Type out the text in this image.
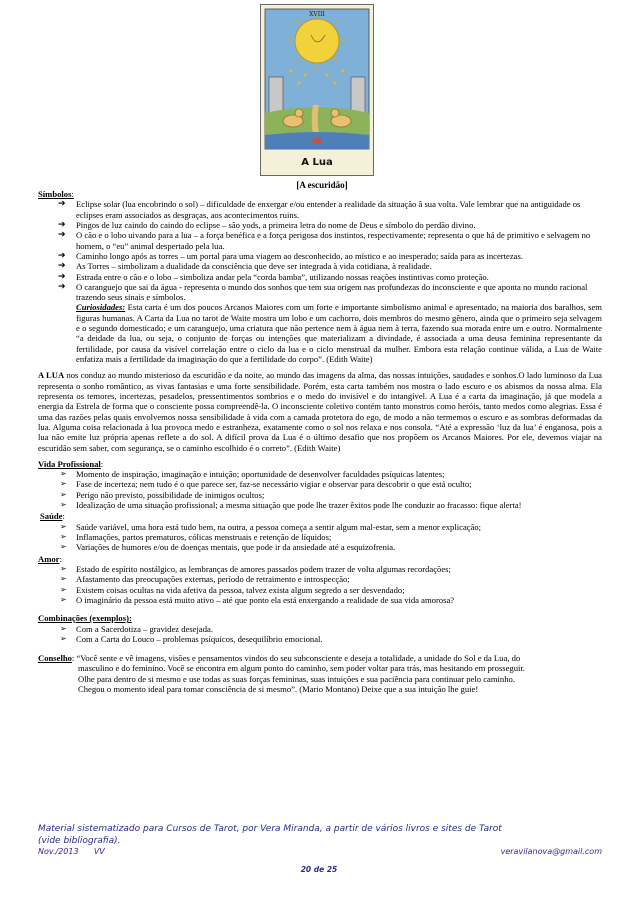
XVIII
A Lua
[A escuridão]
Símbolos:
➔ Eclipse solar (lua encobrindo o sol) – dificuldade de enxergar e/ou entender a realidade da situação â sua volta. Vale lembrar que na antiguidade os eclipses eram associados as desgraças, aos acontecimentos ruins.
➔ Pingos de luz caindo do caindo do eclipse – são yods, a primeira letra do nome de Deus e símbolo do perdão divino.
➔ O cão e o lobo uivando para a lua – a força benéfica e a força perigosa dos instintos, respectivamente; representa o que há de primitivo e selvagem no homem, o “eu” animal despertado pela lua.
➔ Caminho longo após as torres – um portal para uma viagem ao desconhecido, ao místico e ao inesperado; saída para as incertezas.
➔ As Torres – simbolizam a dualidade da consciência que deve ser integrada à vida cotidiana, à realidade.
➔ Estrada entre o cão e o lobo – simboliza andar pela “corda bamba”, utilizando nossas reações instintivas como proteção.
➔ O caranguejo que sai da água - representa o mundo dos sonhos que tem sua origem nas profundezas do inconsciente e que aponta no mundo racional trazendo seus sinais e símbolos.
Curiosidades: Esta carta é um dos poucos Arcanos Maiores com um forte e importante simbolismo animal e apresentado, na maioria dos baralhos, sem figuras humanas. A Carta da Lua no tarot de Waite mostra um lobo e um cachorro, dois membros do mesmo gênero, ainda que o primeiro seja selvagem e o segundo domesticado; e um caranguejo, uma criatura que não pertence nem à água nem à terra, fazendo sua morada entre um e outro. Normalmente “a deidade da lua, ou seja, o conjunto de forças ou intenções que materializam a divindade, é associada a uma deusa feminina representante da fertilidade, por causa da visível correlação entre o ciclo da lua e o ciclo menstrual da mulher. Embora esta relação continue válida, a Lua de Waite enfatiza mais a fertilidade da imaginação do que a fertilidade do corpo”. (Edith Waite)
A LUA nos conduz ao mundo misterioso da escuridão e da noite, ao mundo das imagens da alma, das nossas intuições, saudades e sonhos.O lado luminoso da Lua representa o sonho romântico, as vivas fantasias e uma forte sensibilidade. Porém, esta carta também nos mostra o lado escuro e os abismos da nossa alma. Ela representa os temores, incertezas, pesadelos, pressentimentos sombrios e o medo do invisível e do intangível. A Lua é a carta da imaginação, já que modela a energia da Estrela de forma que o consciente possa compreendê-la. O inconsciente coletivo contém tanto monstros como heróis, tanto medos como alegrias. Essa é uma das razões pelas quais envolvemos nossa sensibilidade à vida com a camada protetora do ego, de modo a não termemos o escuro e as sombras deformadas da lua. Alguma coisa relacionada à lua provoca medo e estranheza, exatamente como o sol nos relaxa e nos consola. “Até a expressão ‘luz da lua’ é enganosa, pois a lua não emite luz própria apenas reflete a do sol. A difícil prova da Lua é o último desafio que nos propõem os Arcanos Maiores. Por ele, devemos viajar na escuridão sem saber, com segurança, se o caminho escolhido é o correto”. (Edith Waite)
Vida Profissional:
➢ Momento de inspiração, imaginação e intuição; oportunidade de desenvolver faculdades psíquicas latentes;
➢ Fase de incerteza; nem tudo é o que parece ser, faz-se necessário vigiar e observar para descobrir o que está oculto;
➢ Perigo não previsto, possibilidade de inimigos ocultos;
➢ Idealização de uma situação profissional; a mesma situação que pode lhe trazer êxitos pode lhe conduzir ao fracasso: fique alerta!
Saúde:
➢ Saúde variável, uma hora está tudo bem, na outra, a pessoa começa a sentir algum mal-estar, sem a menor explicação;
➢ Inflamações, partos prematuros, cólicas menstruais e retenção de líquidos;
➢ Variações de humores e/ou de doenças mentais, que pode ir da ansiedade até a esquizofrenia.
Amor:
➢ Estado de espírito nostálgico, as lembranças de amores passados podem trazer de volta algumas recordações;
➢ Afastamento das preocupações externas, período de retraimento e introspecção;
➢ Existem coisas ocultas na vida afetiva da pessoa, talvez exista algum segredo a ser desvendado;
➢ O imaginário da pessoa está muito ativo – até que ponto ela está enxergando a realidade de sua vida amorosa?
Combinações (exemplos):
➢ Com a Sacerdotiza – gravidez desejada.
➢ Com a Carta do Louco – problemas psíquicos, desequilíbrio emocional.
Conselho: “Você sente e vê imagens, visões e pensamentos vindos do seu subconsciente e deseja a totalidade, a unidade do Sol e da Lua, do
masculino e do feminino. Você se encontra em algum ponto do caminho, sem poder voltar para trás, mas hesitando em prosseguir.
Olhe para dentro de si mesmo e use todas as suas forças femininas, suas intuições e sua paciência para continuar pelo caminho.
Chegou o momento ideal para tomar consciência de si mesmo”. (Mario Montano) Deixe que a sua intuição lhe guie!
Material sistematizado para Cursos de Tarot, por Vera Miranda, a partir de vários livros e sites de Tarot
(vide bibliografia).
Nov./2013 VV	veravilanova@gmail.com
20 de 25
